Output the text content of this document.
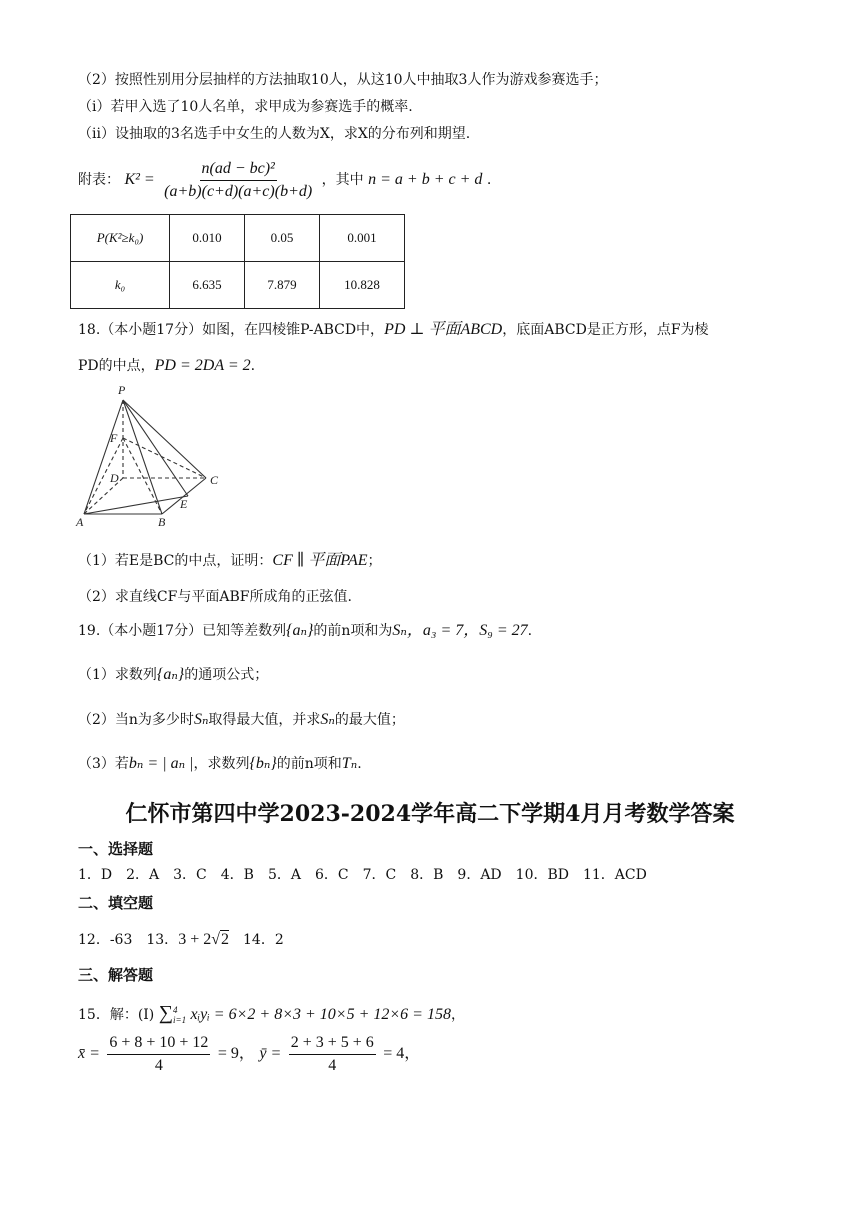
（2）按照性别用分层抽样的方法抽取10人，从这10人中抽取3人作为游戏参赛选手；
（i）若甲入选了10人名单，求甲成为参赛选手的概率.
（ii）设抽取的3名选手中女生的人数为X，求X的分布列和期望.
附表： $K^2 = \frac{\text{n(ad − bc)²}}{(a+b)(c+d)(a+c)(b+d)}$ ，其中 n = a + b + c + d .
P(K²≥k₀)	0.010	0.05	0.001
k₀	6.635	7.879	10.828
18.（本小题17分）如图，在四棱锥P-ABCD中，PD ⊥ 平面ABCD，底面ABCD是正方形，点F为棱
PD的中点，PD = 2DA = 2.
P
F
D	C
E
A	B
（1）若E是BC的中点，证明：CF ∥ 平面PAE；
（2）求直线CF与平面ABF所成角的正弦值.
19.（本小题17分）已知等差数列{aₙ}的前n项和为Sₙ，a₃ = 7，S₉ = 27.
（1）求数列{aₙ}的通项公式；
（2）当n为多少时Sₙ取得最大值，并求Sₙ的最大值；
（3）若bₙ = | aₙ |，求数列{bₙ}的前n项和Tₙ.
仁怀市第四中学2023-2024学年高二下学期4月月考数学答案
一、选择题
1．D　2．A　3．C　4．B　5．A　6．C　7．C　8．B　9．AD　10．BD　11．ACD
二、填空题
12．-63　13．3 + 2√2　14．2
三、解答题
15．解：(I) ∑ 4
i=1 xᵢyᵢ = 6×2 + 8×3 + 10×5 + 12×6 = 158，
x̄ = $\frac{6 + 8 + 10 + 12}{4} = 9$， ȳ = $\frac{2 + 3 + 5 + 6}{4} = 4$，
